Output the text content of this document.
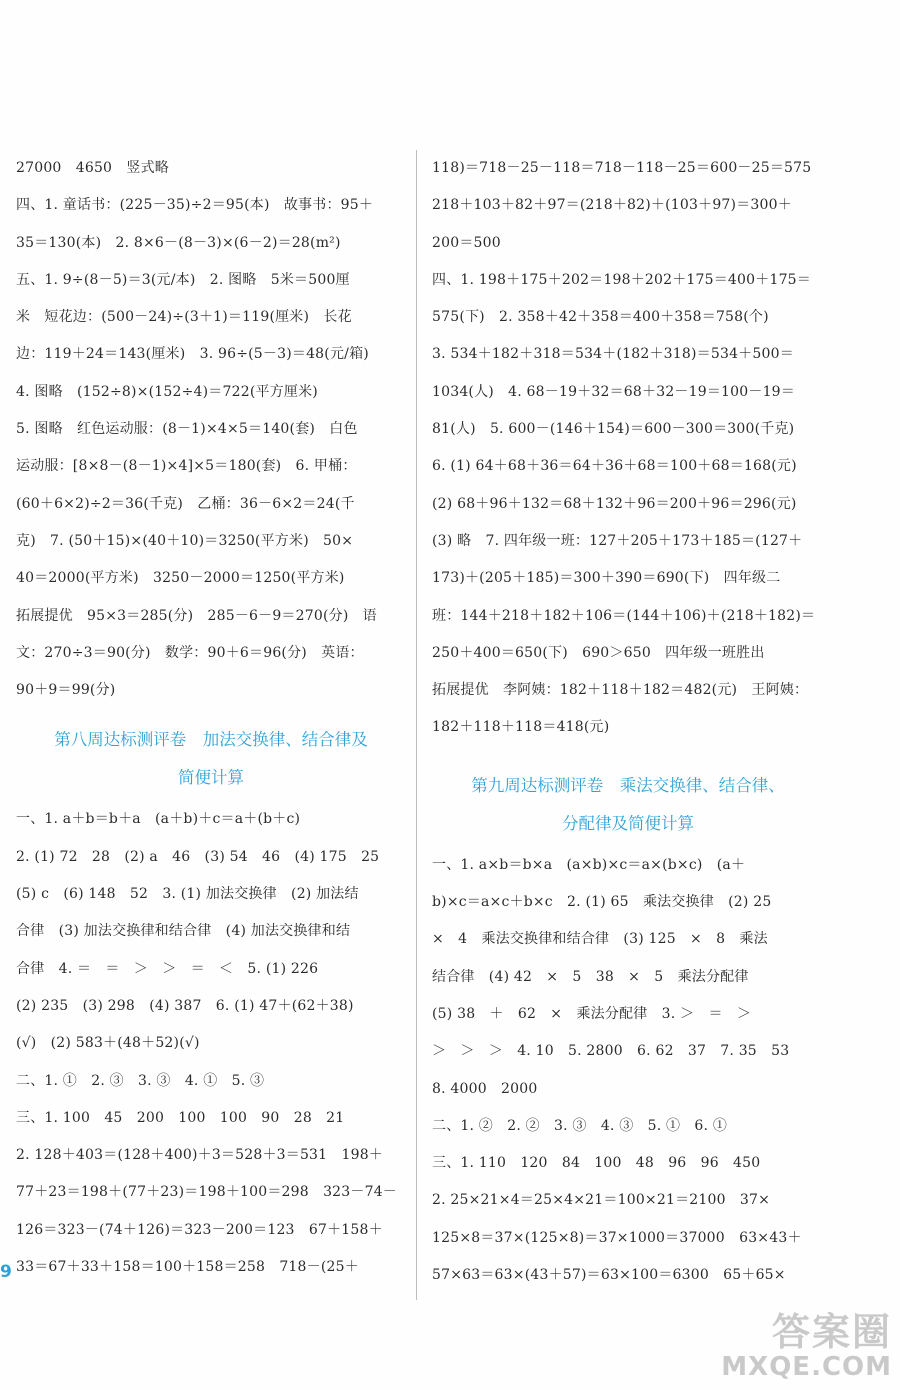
27000　4650　竖式略
四、1. 童话书：(225－35)÷2＝95(本)　故事书：95＋
35＝130(本)　2. 8×6－(8－3)×(6－2)＝28(m²)
五、1. 9÷(8－5)＝3(元/本)　2. 图略　5米＝500厘
米　短花边：(500－24)÷(3＋1)＝119(厘米)　长花
边：119＋24＝143(厘米)　3. 96÷(5－3)＝48(元/箱)
4. 图略　(152÷8)×(152÷4)＝722(平方厘米)
5. 图略　红色运动服：(8－1)×4×5＝140(套)　白色
运动服：[8×8－(8－1)×4]×5＝180(套)　6. 甲桶：
(60＋6×2)÷2＝36(千克)　乙桶：36－6×2＝24(千
克)　7. (50＋15)×(40＋10)＝3250(平方米)　50×
40＝2000(平方米)　3250－2000＝1250(平方米)
拓展提优　95×3＝285(分)　285－6－9＝270(分)　语
文：270÷3＝90(分)　数学：90＋6＝96(分)　英语：
90＋9＝99(分)
第八周达标测评卷　加法交换律、结合律及
简便计算
一、1. a＋b＝b＋a　(a＋b)＋c＝a＋(b＋c)
2. (1) 72　28　(2) a　46　(3) 54　46　(4) 175　25
(5) c　(6) 148　52　3. (1) 加法交换律　(2) 加法结
合律　(3) 加法交换律和结合律　(4) 加法交换律和结
合律　4. ＝　＝　＞　＞　＝　＜　5. (1) 226
(2) 235　(3) 298　(4) 387　6. (1) 47＋(62＋38)
(√)　(2) 583＋(48＋52)(√)
二、1. ①　2. ③　3. ③　4. ①　5. ③
三、1. 100　45　200　100　100　90　28　21
2. 128＋403＝(128＋400)＋3＝528＋3＝531　198＋
77＋23＝198＋(77＋23)＝198＋100＝298　323－74－
126＝323－(74＋126)＝323－200＝123　67＋158＋
33＝67＋33＋158＝100＋158＝258　718－(25＋
118)＝718－25－118＝718－118－25＝600－25＝575
218＋103＋82＋97＝(218＋82)＋(103＋97)＝300＋
200＝500
四、1. 198＋175＋202＝198＋202＋175＝400＋175＝
575(下)　2. 358＋42＋358＝400＋358＝758(个)
3. 534＋182＋318＝534＋(182＋318)＝534＋500＝
1034(人)　4. 68－19＋32＝68＋32－19＝100－19＝
81(人)　5. 600－(146＋154)＝600－300＝300(千克)
6. (1) 64＋68＋36＝64＋36＋68＝100＋68＝168(元)
(2) 68＋96＋132＝68＋132＋96＝200＋96＝296(元)
(3) 略　7. 四年级一班：127＋205＋173＋185＝(127＋
173)＋(205＋185)＝300＋390＝690(下)　四年级二
班：144＋218＋182＋106＝(144＋106)＋(218＋182)＝
250＋400＝650(下)　690＞650　四年级一班胜出
拓展提优　李阿姨：182＋118＋182＝482(元)　王阿姨：
182＋118＋118＝418(元)
第九周达标测评卷　乘法交换律、结合律、
分配律及简便计算
一、1. a×b＝b×a　(a×b)×c＝a×(b×c)　(a＋
b)×c＝a×c＋b×c　2. (1) 65　乘法交换律　(2) 25
×　4　乘法交换律和结合律　(3) 125　×　8　乘法
结合律　(4) 42　×　5　38　×　5　乘法分配律
(5) 38　＋　62　×　乘法分配律　3. ＞　＝　＞
＞　＞　＞　4. 10　5. 2800　6. 62　37　7. 35　53
8. 4000　2000
二、1. ②　2. ②　3. ③　4. ③　5. ①　6. ①
三、1. 110　120　84　100　48　96　96　450
2. 25×21×4＝25×4×21＝100×21＝2100　37×
125×8＝37×(125×8)＝37×1000＝37000　63×43＋
57×63＝63×(43＋57)＝63×100＝6300　65＋65×
9
答案圈
MXQE.COM
